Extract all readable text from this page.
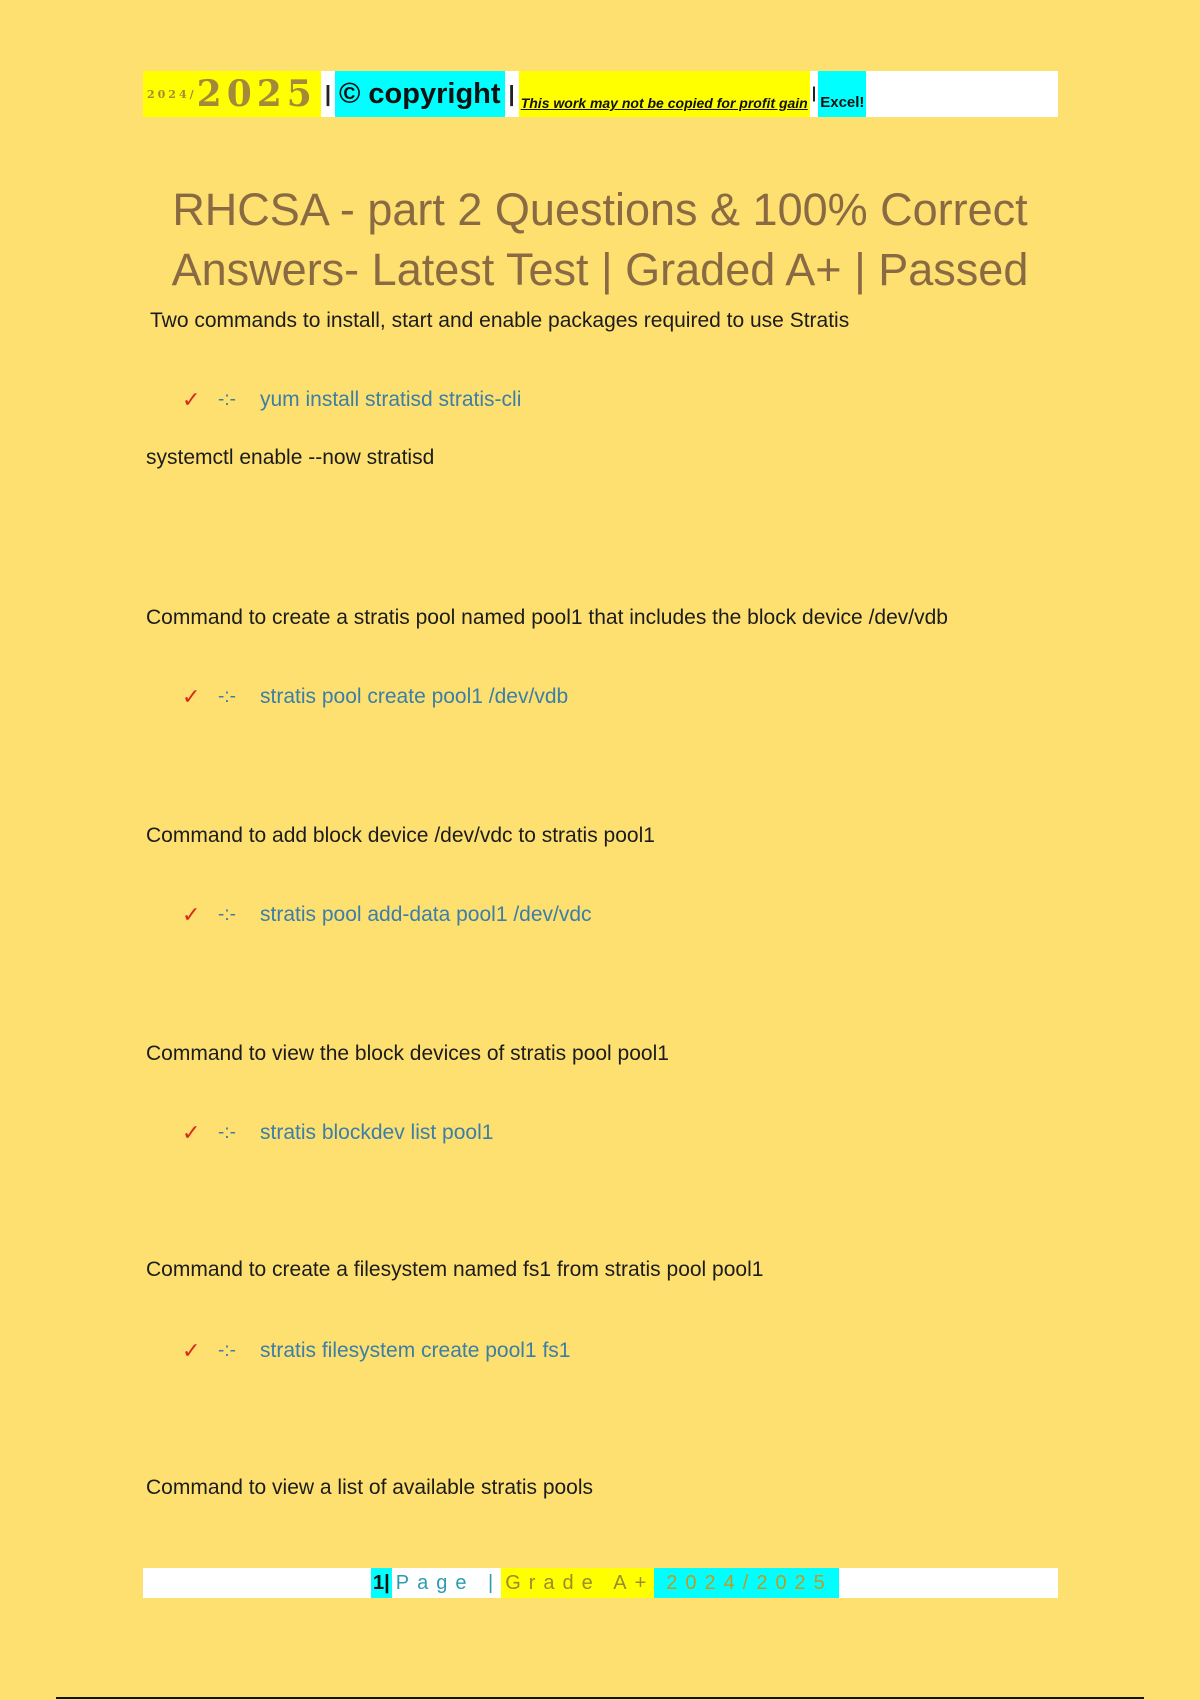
2024/ 2025 | © copyright | This work may not be copied for profit gain
|
Excel!
RHCSA - part 2 Questions & 100% Correct Answers- Latest Test | Graded A+ | Passed
Two commands to install, start and enable packages required to use Stratis
✓ -:-	yum install stratisd stratis-cli
systemctl enable --now stratisd
Command to create a stratis pool named pool1 that includes the block device /dev/vdb
✓ -:-	stratis pool create pool1 /dev/vdb
Command to add block device /dev/vdc to stratis pool1
✓ -:-	stratis pool add-data pool1 /dev/vdc
Command to view the block devices of stratis pool pool1
✓ -:-	stratis blockdev list pool1
Command to create a filesystem named fs1 from stratis pool pool1
✓ -:-	stratis filesystem create pool1 fs1
Command to view a list of available stratis pools
1 | Page | Grade A+ 2024/2025
